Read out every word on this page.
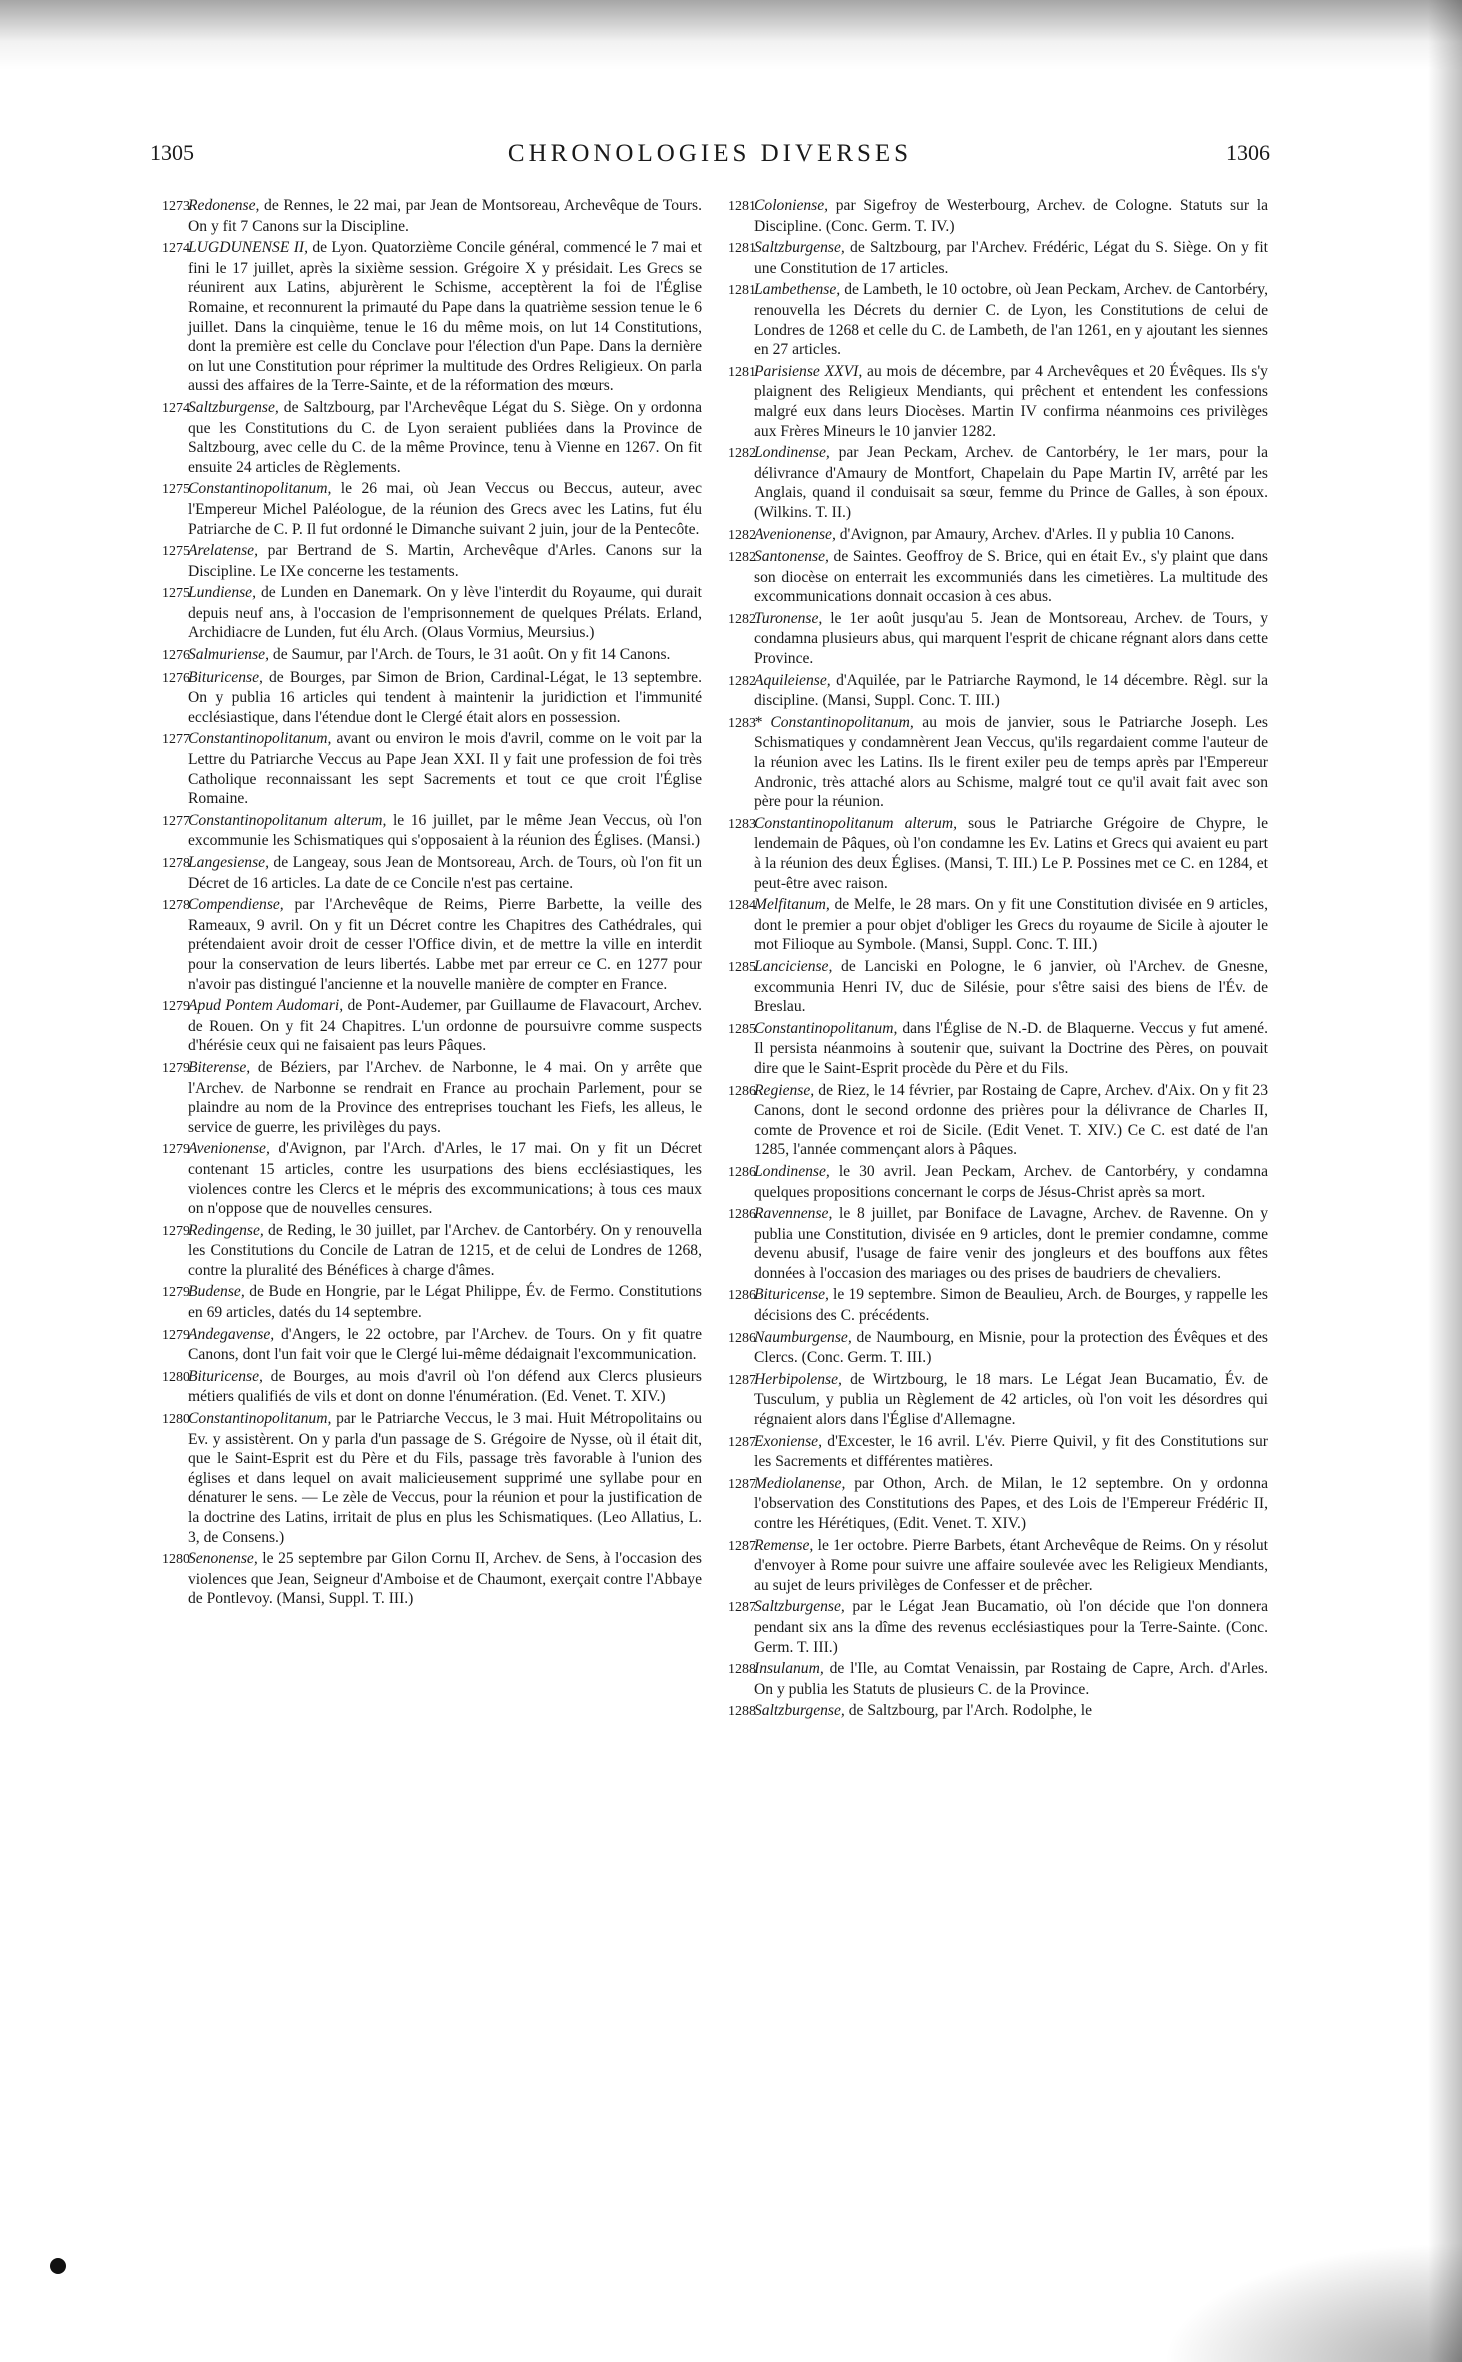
1305	CHRONOLOGIES DIVERSES	1306

1273Redonense, de Rennes, le 22 mai, par Jean de Montsoreau, Archevêque de Tours. On y fit 7 Canons sur la Discipline.

1274LUGDUNENSE II, de Lyon. Quatorzième Concile général, commencé le 7 mai et fini le 17 juillet, après la sixième session. Grégoire X y présidait. Les Grecs se réunirent aux Latins, abjurèrent le Schisme, acceptèrent la foi de l'Église Romaine, et reconnurent la primauté du Pape dans la quatrième session tenue le 6 juillet. Dans la cinquième, tenue le 16 du même mois, on lut 14 Constitutions, dont la première est celle du Conclave pour l'élection d'un Pape. Dans la dernière on lut une Constitution pour réprimer la multitude des Ordres Religieux. On parla aussi des affaires de la Terre-Sainte, et de la réformation des mœurs.

1274Saltzburgense, de Saltzbourg, par l'Archevêque Légat du S. Siège. On y ordonna que les Constitutions du C. de Lyon seraient publiées dans la Province de Saltzbourg, avec celle du C. de la même Province, tenu à Vienne en 1267. On fit ensuite 24 articles de Règlements.

1275Constantinopolitanum, le 26 mai, où Jean Veccus ou Beccus, auteur, avec l'Empereur Michel Paléologue, de la réunion des Grecs avec les Latins, fut élu Patriarche de C. P. Il fut ordonné le Dimanche suivant 2 juin, jour de la Pentecôte.

1275Arelatense, par Bertrand de S. Martin, Archevêque d'Arles. Canons sur la Discipline. Le IXe concerne les testaments.

1275Lundiense, de Lunden en Danemark. On y lève l'interdit du Royaume, qui durait depuis neuf ans, à l'occasion de l'emprisonnement de quelques Prélats. Erland, Archidiacre de Lunden, fut élu Arch. (Olaus Vormius, Meursius.)

1276Salmuriense, de Saumur, par l'Arch. de Tours, le 31 août. On y fit 14 Canons.

1276Bituricense, de Bourges, par Simon de Brion, Cardinal-Légat, le 13 septembre. On y publia 16 articles qui tendent à maintenir la juridiction et l'immunité ecclésiastique, dans l'étendue dont le Clergé était alors en possession.

1277Constantinopolitanum, avant ou environ le mois d'avril, comme on le voit par la Lettre du Patriarche Veccus au Pape Jean XXI. Il y fait une profession de foi très Catholique reconnaissant les sept Sacrements et tout ce que croit l'Église Romaine.

1277Constantinopolitanum alterum, le 16 juillet, par le même Jean Veccus, où l'on excommunie les Schismatiques qui s'opposaient à la réunion des Églises. (Mansi.)

1278Langesiense, de Langeay, sous Jean de Montsoreau, Arch. de Tours, où l'on fit un Décret de 16 articles. La date de ce Concile n'est pas certaine.

1278Compendiense, par l'Archevêque de Reims, Pierre Barbette, la veille des Rameaux, 9 avril. On y fit un Décret contre les Chapitres des Cathédrales, qui prétendaient avoir droit de cesser l'Office divin, et de mettre la ville en interdit pour la conservation de leurs libertés. Labbe met par erreur ce C. en 1277 pour n'avoir pas distingué l'ancienne et la nouvelle manière de compter en France.

1279Apud Pontem Audomari, de Pont-Audemer, par Guillaume de Flavacourt, Archev. de Rouen. On y fit 24 Chapitres. L'un ordonne de poursuivre comme suspects d'hérésie ceux qui ne faisaient pas leurs Pâques.

1279Biterense, de Béziers, par l'Archev. de Narbonne, le 4 mai. On y arrête que l'Archev. de Narbonne se rendrait en France au prochain Parlement, pour se plaindre au nom de la Province des entreprises touchant les Fiefs, les alleus, le service de guerre, les privilèges du pays.

1279Avenionense, d'Avignon, par l'Arch. d'Arles, le 17 mai. On y fit un Décret contenant 15 articles, contre les usurpations des biens ecclésiastiques, les violences contre les Clercs et le mépris des excommunications; à tous ces maux on n'oppose que de nouvelles censures.

1279Redingense, de Reding, le 30 juillet, par l'Archev. de Cantorbéry. On y renouvella les Constitutions du Concile de Latran de 1215, et de celui de Londres de 1268, contre la pluralité des Bénéfices à charge d'âmes.

1279Budense, de Bude en Hongrie, par le Légat Philippe, Év. de Fermo. Constitutions en 69 articles, datés du 14 septembre.

1279Andegavense, d'Angers, le 22 octobre, par l'Archev. de Tours. On y fit quatre Canons, dont l'un fait voir que le Clergé lui-même dédaignait l'excommunication.

1280Bituricense, de Bourges, au mois d'avril où l'on défend aux Clercs plusieurs métiers qualifiés de vils et dont on donne l'énumération. (Ed. Venet. T. XIV.)

1280Constantinopolitanum, par le Patriarche Veccus, le 3 mai. Huit Métropolitains ou Ev. y assistèrent. On y parla d'un passage de S. Grégoire de Nysse, où il était dit, que le Saint-Esprit est du Père et du Fils, passage très favorable à l'union des églises et dans lequel on avait malicieusement supprimé une syllabe pour en dénaturer le sens. — Le zèle de Veccus, pour la réunion et pour la justification de la doctrine des Latins, irritait de plus en plus les Schismatiques. (Leo Allatius, L. 3, de Consens.)

1280Senonense, le 25 septembre par Gilon Cornu II, Archev. de Sens, à l'occasion des violences que Jean, Seigneur d'Amboise et de Chaumont, exerçait contre l'Abbaye de Pontlevoy. (Mansi, Suppl. T. III.)

1281Coloniense, par Sigefroy de Westerbourg, Archev. de Cologne. Statuts sur la Discipline. (Conc. Germ. T. IV.)

1281Saltzburgense, de Saltzbourg, par l'Archev. Frédéric, Légat du S. Siège. On y fit une Constitution de 17 articles.

1281Lambethense, de Lambeth, le 10 octobre, où Jean Peckam, Archev. de Cantorbéry, renouvella les Décrets du dernier C. de Lyon, les Constitutions de celui de Londres de 1268 et celle du C. de Lambeth, de l'an 1261, en y ajoutant les siennes en 27 articles.

1281Parisiense XXVI, au mois de décembre, par 4 Archevêques et 20 Évêques. Ils s'y plaignent des Religieux Mendiants, qui prêchent et entendent les confessions malgré eux dans leurs Diocèses. Martin IV confirma néanmoins ces privilèges aux Frères Mineurs le 10 janvier 1282.

1282Londinense, par Jean Peckam, Archev. de Cantorbéry, le 1er mars, pour la délivrance d'Amaury de Montfort, Chapelain du Pape Martin IV, arrêté par les Anglais, quand il conduisait sa sœur, femme du Prince de Galles, à son époux. (Wilkins. T. II.)

1282Avenionense, d'Avignon, par Amaury, Archev. d'Arles. Il y publia 10 Canons.

1282Santonense, de Saintes. Geoffroy de S. Brice, qui en était Ev., s'y plaint que dans son diocèse on enterrait les excommuniés dans les cimetières. La multitude des excommunications donnait occasion à ces abus.

1282Turonense, le 1er août jusqu'au 5. Jean de Montsoreau, Archev. de Tours, y condamna plusieurs abus, qui marquent l'esprit de chicane régnant alors dans cette Province.

1282Aquileiense, d'Aquilée, par le Patriarche Raymond, le 14 décembre. Règl. sur la discipline. (Mansi, Suppl. Conc. T. III.)

1283* Constantinopolitanum, au mois de janvier, sous le Patriarche Joseph. Les Schismatiques y condamnèrent Jean Veccus, qu'ils regardaient comme l'auteur de la réunion avec les Latins. Ils le firent exiler peu de temps après par l'Empereur Andronic, très attaché alors au Schisme, malgré tout ce qu'il avait fait avec son père pour la réunion.

1283Constantinopolitanum alterum, sous le Patriarche Grégoire de Chypre, le lendemain de Pâques, où l'on condamne les Ev. Latins et Grecs qui avaient eu part à la réunion des deux Églises. (Mansi, T. III.) Le P. Possines met ce C. en 1284, et peut-être avec raison.

1284Melfitanum, de Melfe, le 28 mars. On y fit une Constitution divisée en 9 articles, dont le premier a pour objet d'obliger les Grecs du royaume de Sicile à ajouter le mot Filioque au Symbole. (Mansi, Suppl. Conc. T. III.)

1285Lanciciense, de Lanciski en Pologne, le 6 janvier, où l'Archev. de Gnesne, excommunia Henri IV, duc de Silésie, pour s'être saisi des biens de l'Év. de Breslau.

1285Constantinopolitanum, dans l'Église de N.-D. de Blaquerne. Veccus y fut amené. Il persista néanmoins à soutenir que, suivant la Doctrine des Pères, on pouvait dire que le Saint-Esprit procède du Père et du Fils.

1286Regiense, de Riez, le 14 février, par Rostaing de Capre, Archev. d'Aix. On y fit 23 Canons, dont le second ordonne des prières pour la délivrance de Charles II, comte de Provence et roi de Sicile. (Edit Venet. T. XIV.) Ce C. est daté de l'an 1285, l'année commençant alors à Pâques.

1286Londinense, le 30 avril. Jean Peckam, Archev. de Cantorbéry, y condamna quelques propositions concernant le corps de Jésus-Christ après sa mort.

1286Ravennense, le 8 juillet, par Boniface de Lavagne, Archev. de Ravenne. On y publia une Constitution, divisée en 9 articles, dont le premier condamne, comme devenu abusif, l'usage de faire venir des jongleurs et des bouffons aux fêtes données à l'occasion des mariages ou des prises de baudriers de chevaliers.

1286Bituricense, le 19 septembre. Simon de Beaulieu, Arch. de Bourges, y rappelle les décisions des C. précédents.

1286Naumburgense, de Naumbourg, en Misnie, pour la protection des Évêques et des Clercs. (Conc. Germ. T. III.)

1287Herbipolense, de Wirtzbourg, le 18 mars. Le Légat Jean Bucamatio, Év. de Tusculum, y publia un Règlement de 42 articles, où l'on voit les désordres qui régnaient alors dans l'Église d'Allemagne.

1287Exoniense, d'Excester, le 16 avril. L'év. Pierre Quivil, y fit des Constitutions sur les Sacrements et différentes matières.

1287Mediolanense, par Othon, Arch. de Milan, le 12 septembre. On y ordonna l'observation des Constitutions des Papes, et des Lois de l'Empereur Frédéric II, contre les Hérétiques, (Edit. Venet. T. XIV.)

1287Remense, le 1er octobre. Pierre Barbets, étant Archevêque de Reims. On y résolut d'envoyer à Rome pour suivre une affaire soulevée avec les Religieux Mendiants, au sujet de leurs privilèges de Confesser et de prêcher.

1287Saltzburgense, par le Légat Jean Bucamatio, où l'on décide que l'on donnera pendant six ans la dîme des revenus ecclésiastiques pour la Terre-Sainte. (Conc. Germ. T. III.)

1288Insulanum, de l'Ile, au Comtat Venaissin, par Rostaing de Capre, Arch. d'Arles. On y publia les Statuts de plusieurs C. de la Province.

1288Saltzburgense, de Saltzbourg, par l'Arch. Rodolphe, le
